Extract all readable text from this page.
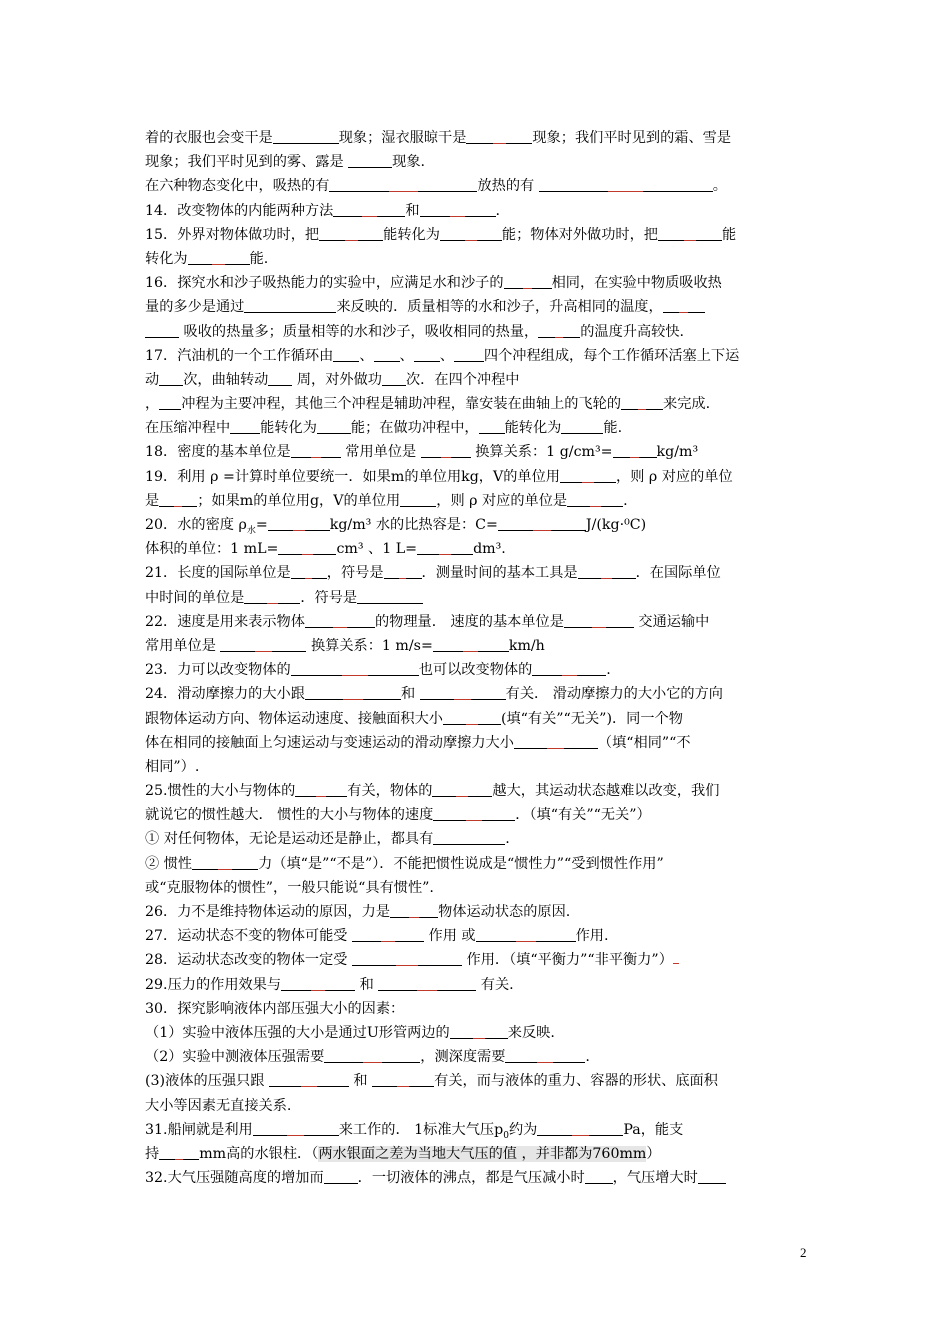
着的衣服也会变干是	现象；湿衣服晾干是	现象；我们平时见到的霜、雪是
现象；我们平时见到的雾、露是	现象.
在六种物态变化中，吸热的有	放热的有	。
14．改变物体的内能两种方法	和	.
15．外界对物体做功时，把	能转化为	能；物体对外做功时，把	能
转化为	能.
16．探究水和沙子吸热能力的实验中，应满足水和沙子的	相同，在实验中物质吸收热
量的多少是通过	来反映的．质量相等的水和沙子，升高相同的温度，
吸收的热量多；质量相等的水和沙子，吸收相同的热量，	的温度升高较快.
17．汽油机的一个工作循环由 、 、 、 四个冲程组成，每个工作循环活塞上下运
动 次，曲轴转动 周，对外做功 次．在四个冲程中
， 冲程为主要冲程，其他三个冲程是辅助冲程，靠安装在曲轴上的飞轮的	来完成.
在压缩冲程中 能转化为 能；在做功冲程中， 能转化为	能.
18．密度的基本单位是	常用单位是	换算关系：1 g/cm³=	kg/m³
19．利用 ρ =计算时单位要统一．如果m的单位用kg，V的单位用	，则 ρ 对应的单位
是	；如果m的单位用g，V的单位用	，则 ρ 对应的单位是	.
20．水的密度 $\rho_水=$	kg/m³ 水的比热容是：C=	J/(kg·⁰C)
体积的单位：1 mL=	cm³ 、1 L=	dm³.
21．长度的国际单位是	，符号是	．测量时间的基本工具是	．在国际单位
中时间的单位是	．符号是
22．速度是用来表示物体	的物理量． 速度的基本单位是	交通运输中
常用单位是	换算关系：1 m/s=	km/h
23．力可以改变物体的	也可以改变物体的	.
24．滑动摩擦力的大小跟	和	有关． 滑动摩擦力的大小它的方向
跟物体运动方向、物体运动速度、接触面积大小	(填“有关”“无关”)．同一个物
体在相同的接触面上匀速运动与变速运动的滑动摩擦力大小	（填“相同”“不
相同”）.
25.惯性的大小与物体的	有关，物体的	越大，其运动状态越难以改变，我们
就说它的惯性越大． 惯性的大小与物体的速度	．（填“有关”“无关”）
① 对任何物体，无论是运动还是静止，都具有	.
② 惯性	力（填“是”“不是”）．不能把惯性说成是“惯性力”“受到惯性作用”
或“克服物体的惯性”，一般只能说“具有惯性”.
26．力不是维持物体运动的原因，力是	物体运动状态的原因.
27．运动状态不变的物体可能受	作用 或	作用.
28．运动状态改变的物体一定受	作用．（填“平衡力”“非平衡力”）
29.压力的作用效果与	和	有关.
30．探究影响液体内部压强大小的因素：
（1）实验中液体压强的大小是通过U形管两边的	来反映.
（2）实验中测液体压强需要	，测深度需要	.
(3)液体的压强只跟	和	有关，而与液体的重力、容器的形状、底面积
大小等因素无直接关系.
31.船闸就是利用	来工作的． 1标准大气压$p_0$约为	Pa，能支
持	mm高的水银柱．（两水银面之差为当地大气压的值 ，并非都为760mm）
32.大气压强随高度的增加而 ．一切液体的沸点，都是气压减小时 ，气压增大时
2
